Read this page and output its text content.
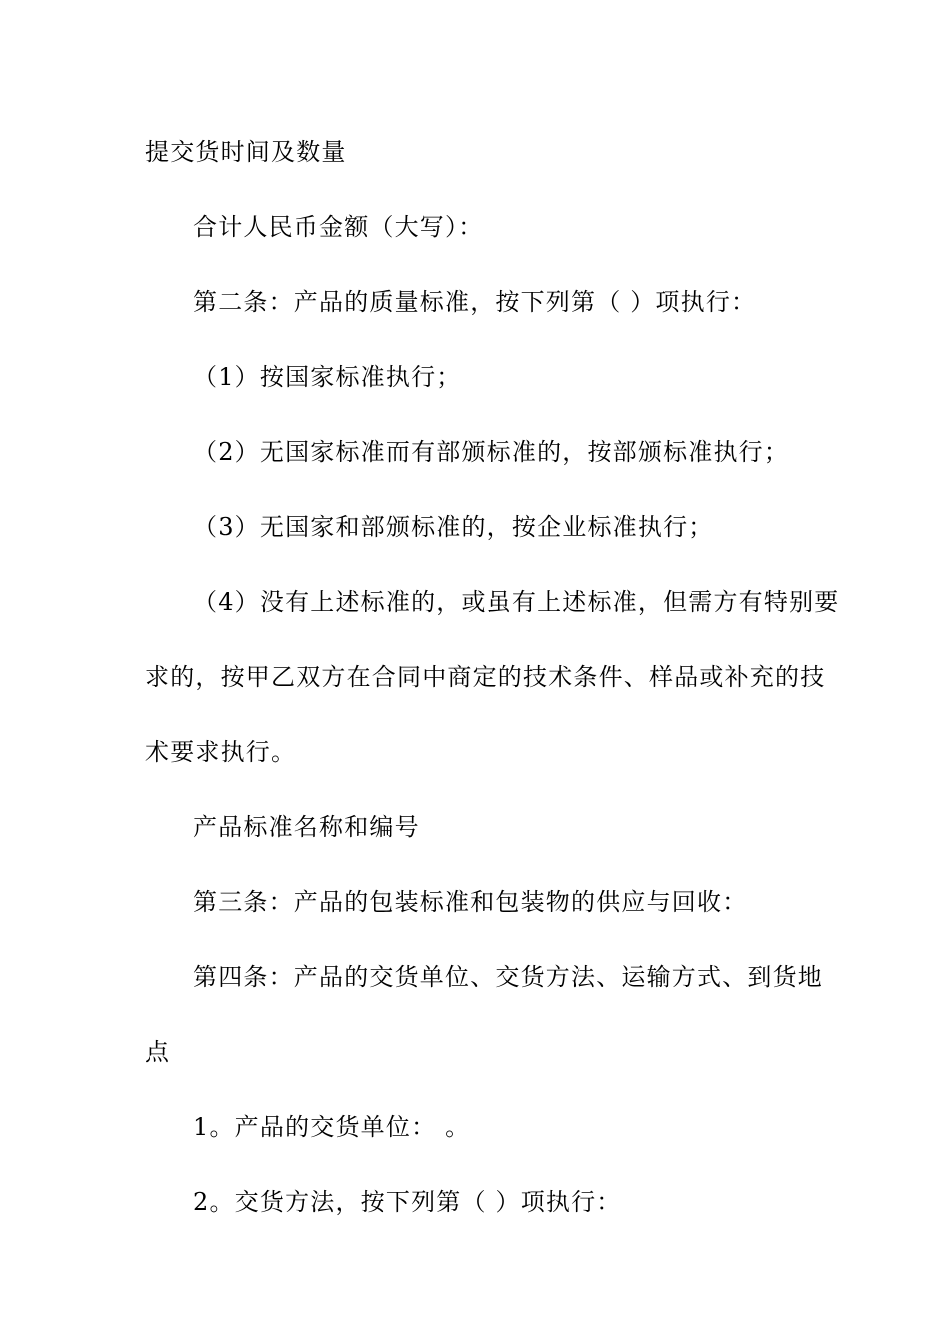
提交货时间及数量
合计人民币金额（大写）：
第二条：产品的质量标准，按下列第（ ）项执行：
（1）按国家标准执行；
（2）无国家标准而有部颁标准的，按部颁标准执行；
（3）无国家和部颁标准的，按企业标准执行；
（4）没有上述标准的，或虽有上述标准，但需方有特别要
求的，按甲乙双方在合同中商定的技术条件、样品或补充的技
术要求执行。
产品标准名称和编号
第三条：产品的包装标准和包装物的供应与回收：
第四条：产品的交货单位、交货方法、运输方式、到货地
点
1。产品的交货单位： 。
2。交货方法，按下列第（ ）项执行：
